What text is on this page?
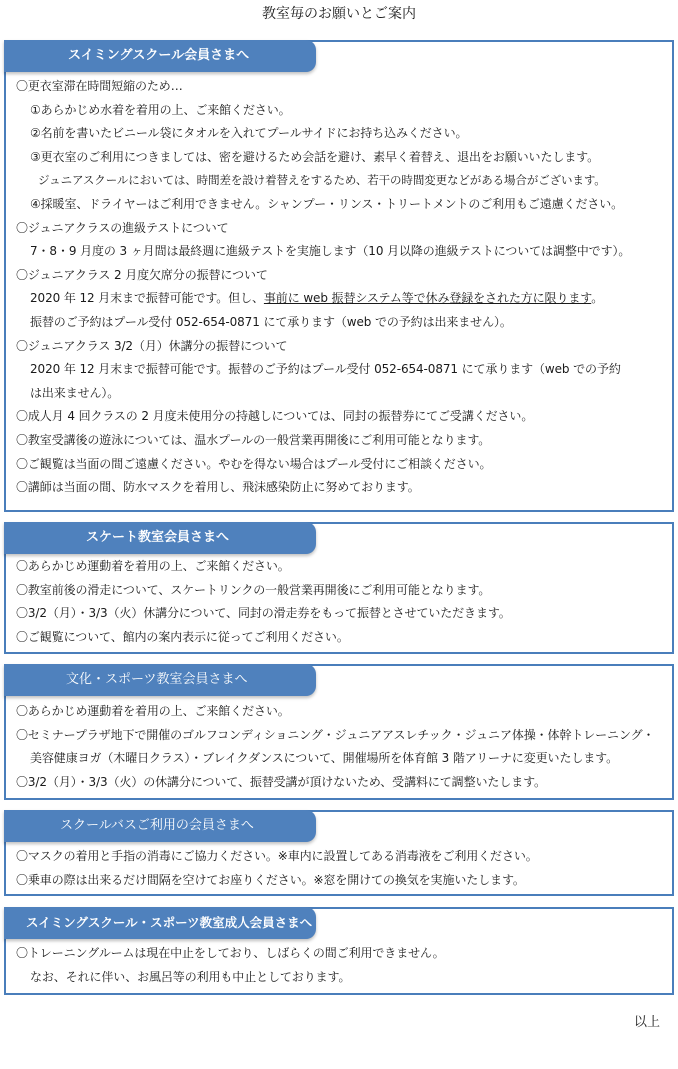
教室毎のお願いとご案内
スイミングスクール会員さまへ
〇更衣室滞在時間短縮のため…
①あらかじめ水着を着用の上、ご来館ください。
②名前を書いたビニール袋にタオルを入れてプールサイドにお持ち込みください。
③更衣室のご利用につきましては、密を避けるため会話を避け、素早く着替え、退出をお願いいたします。
ジュニアスクールにおいては、時間差を設け着替えをするため、若干の時間変更などがある場合がございます。
④採暖室、ドライヤーはご利用できません。シャンプー・リンス・トリートメントのご利用もご遠慮ください。
〇ジュニアクラスの進級テストについて
7・8・9 月度の 3 ヶ月間は最終週に進級テストを実施します（10 月以降の進級テストについては調整中です）。
〇ジュニアクラス 2 月度欠席分の振替について
2020 年 12 月末まで振替可能です。但し、事前に web 振替システム等で休み登録をされた方に限ります。
振替のご予約はプール受付 052-654-0871 にて承ります（web での予約は出来ません）。
〇ジュニアクラス 3/2（月）休講分の振替について
2020 年 12 月末まで振替可能です。振替のご予約はプール受付 052-654-0871 にて承ります（web での予約
は出来ません）。
〇成人月 4 回クラスの 2 月度未使用分の持越しについては、同封の振替券にてご受講ください。
〇教室受講後の遊泳については、温水プールの一般営業再開後にご利用可能となります。
〇ご観覧は当面の間ご遠慮ください。やむを得ない場合はプール受付にご相談ください。
〇講師は当面の間、防水マスクを着用し、飛沫感染防止に努めております。
スケート教室会員さまへ
〇あらかじめ運動着を着用の上、ご来館ください。
〇教室前後の滑走について、スケートリンクの一般営業再開後にご利用可能となります。
〇3/2（月）・3/3（火）休講分について、同封の滑走券をもって振替とさせていただきます。
〇ご観覧について、館内の案内表示に従ってご利用ください。
文化・スポーツ教室会員さまへ
〇あらかじめ運動着を着用の上、ご来館ください。
〇セミナープラザ地下で開催のゴルフコンディショニング・ジュニアアスレチック・ジュニア体操・体幹トレーニング・
美容健康ヨガ（木曜日クラス）・ブレイクダンスについて、開催場所を体育館 3 階アリーナに変更いたします。
〇3/2（月）・3/3（火）の休講分について、振替受講が頂けないため、受講料にて調整いたします。
スクールバスご利用の会員さまへ
〇マスクの着用と手指の消毒にご協力ください。※車内に設置してある消毒液をご利用ください。
〇乗車の際は出来るだけ間隔を空けてお座りください。※窓を開けての換気を実施いたします。
スイミングスクール・スポーツ教室成人会員さまへ
〇トレーニングルームは現在中止をしており、しばらくの間ご利用できません。
なお、それに伴い、お風呂等の利用も中止としております。
以上
